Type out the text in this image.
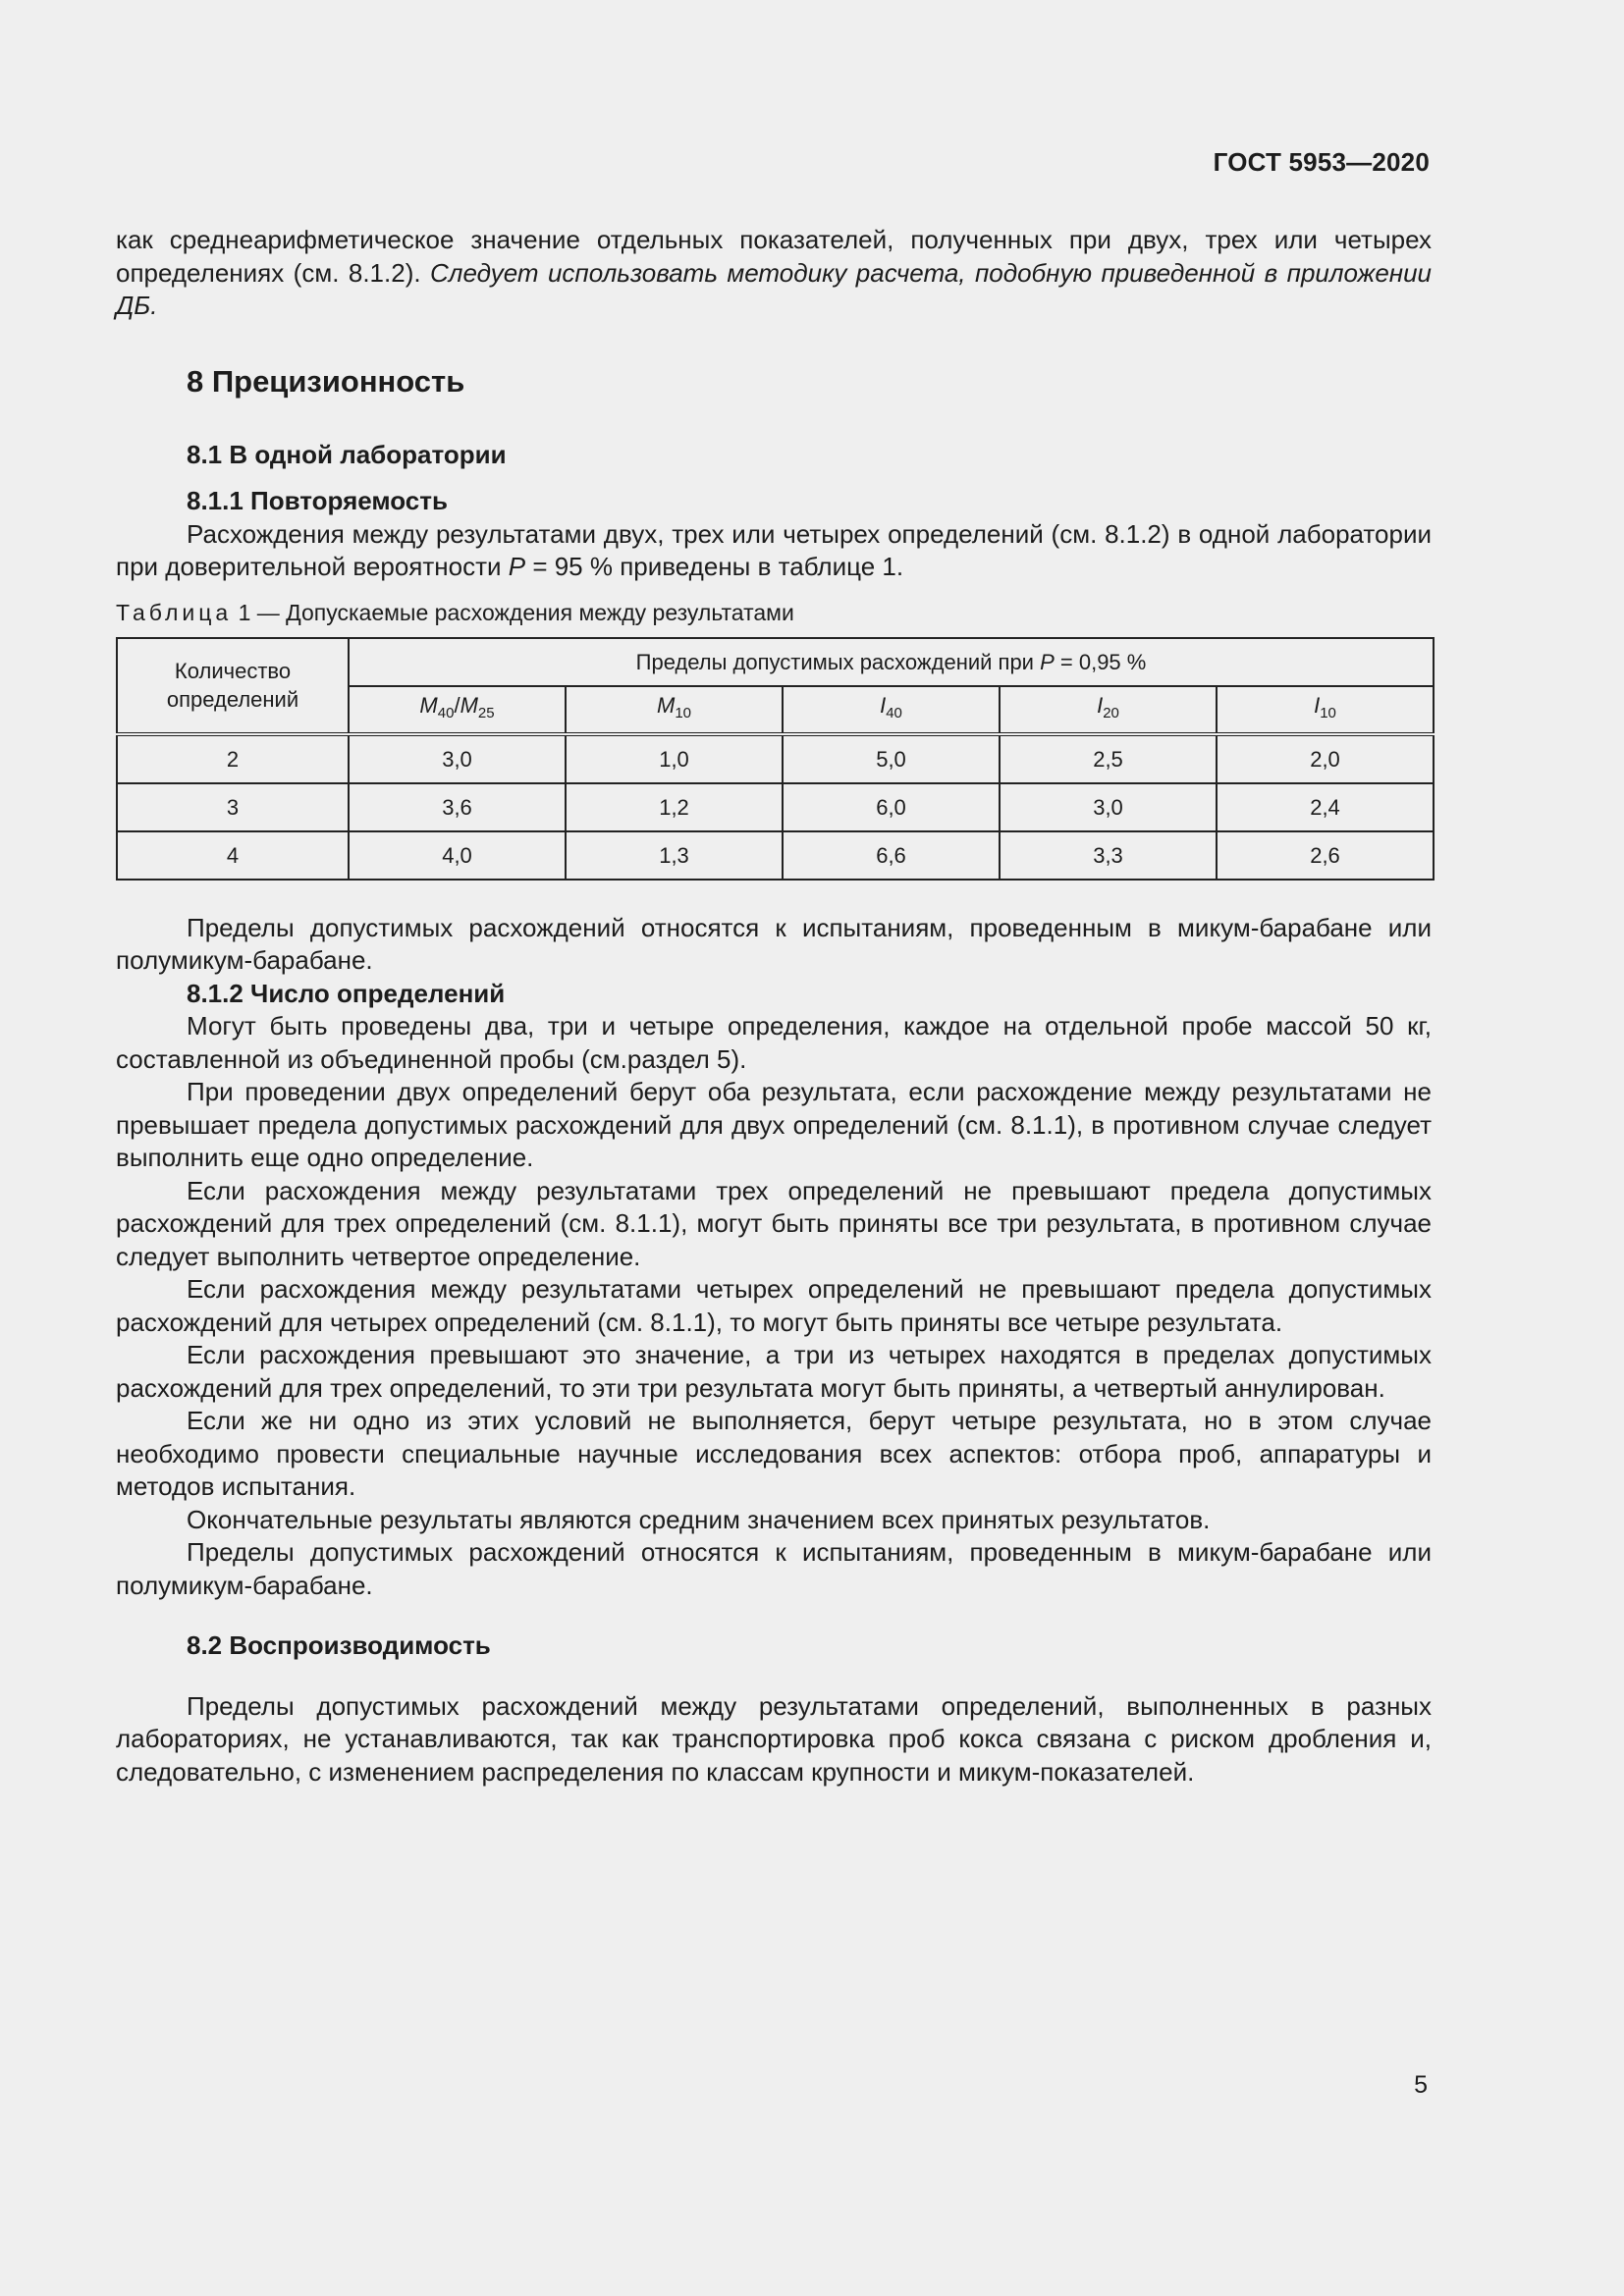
ГОСТ 5953—2020

как среднеарифметическое значение отдельных показателей, полученных при двух, трех или четырех определениях (см. 8.1.2). Следует использовать методику расчета, подобную приведенной в приложении ДБ.

8 Прецизионность

8.1 В одной лаборатории

8.1.1 Повторяемость

Расхождения между результатами двух, трех или четырех определений (см. 8.1.2) в одной лаборатории при доверительной вероятности P = 95 % приведены в таблице 1.

Таблица 1 — Допускаемые расхождения между результатами
Количество определений	Пределы допустимых расхождений при P = 0,95 %				
	$M_{40}/M_{25}$	$M_{10}$	$I_{40}$	$I_{20}$	$I_{10}$
2	3,0	1,0	5,0	2,5	2,0
3	3,6	1,2	6,0	3,0	2,4
4	4,0	1,3	6,6	3,3	2,6

Пределы допустимых расхождений относятся к испытаниям, проведенным в микум-барабане или полумикум-барабане.

8.1.2 Число определений

Могут быть проведены два, три и четыре определения, каждое на отдельной пробе массой 50 кг, составленной из объединенной пробы (см.раздел 5).

При проведении двух определений берут оба результата, если расхождение между результатами не превышает предела допустимых расхождений для двух определений (см. 8.1.1), в противном случае следует выполнить еще одно определение.

Если расхождения между результатами трех определений не превышают предела допустимых расхождений для трех определений (см. 8.1.1), могут быть приняты все три результата, в противном случае следует выполнить четвертое определение.

Если расхождения между результатами четырех определений не превышают предела допустимых расхождений для четырех определений (см. 8.1.1), то могут быть приняты все четыре результата.

Если расхождения превышают это значение, а три из четырех находятся в пределах допустимых расхождений для трех определений, то эти три результата могут быть приняты, а четвертый аннулирован.

Если же ни одно из этих условий не выполняется, берут четыре результата, но в этом случае необходимо провести специальные научные исследования всех аспектов: отбора проб, аппаратуры и методов испытания.

Окончательные результаты являются средним значением всех принятых результатов.

Пределы допустимых расхождений относятся к испытаниям, проведенным в микум-барабане или полумикум-барабане.

8.2 Воспроизводимость

Пределы допустимых расхождений между результатами определений, выполненных в разных лабораториях, не устанавливаются, так как транспортировка проб кокса связана с риском дробления и, следовательно, с изменением распределения по классам крупности и микум-показателей.

5
